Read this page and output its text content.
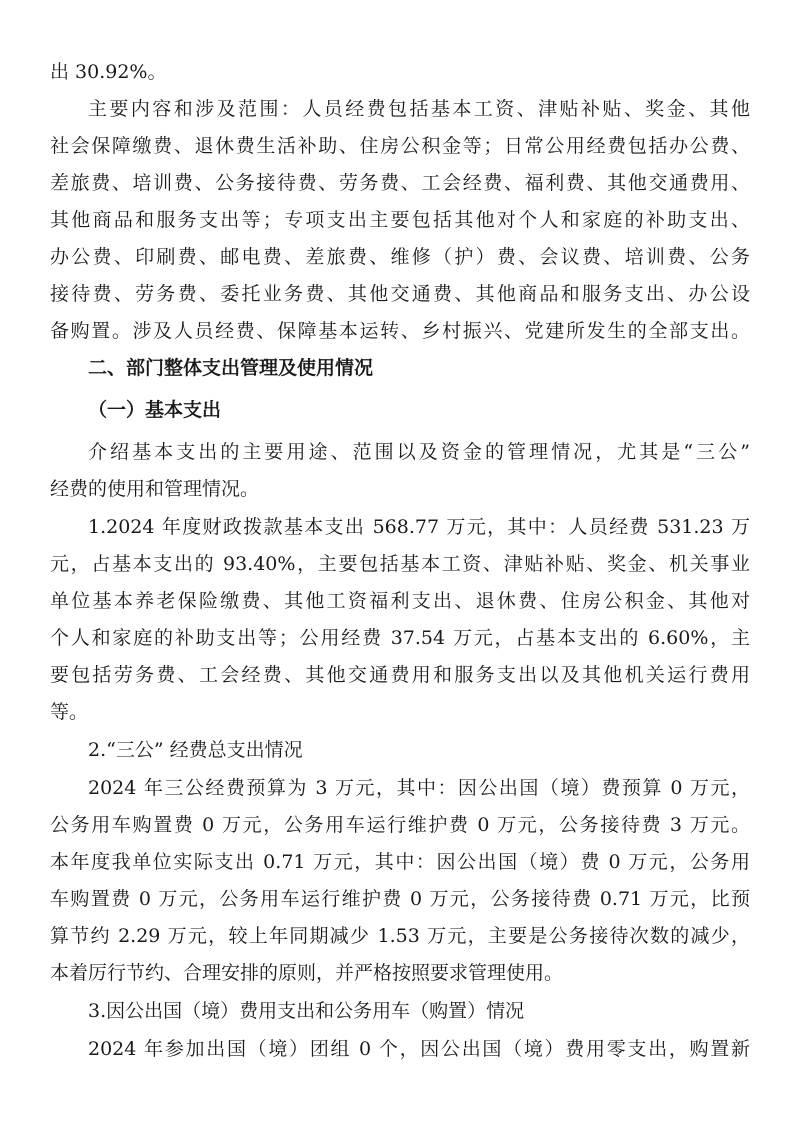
出 30.92%。
主要内容和涉及范围：人员经费包括基本工资、津贴补贴、奖金、其他
社会保障缴费、退休费生活补助、住房公积金等；日常公用经费包括办公费、
差旅费、培训费、公务接待费、劳务费、工会经费、福利费、其他交通费用、
其他商品和服务支出等；专项支出主要包括其他对个人和家庭的补助支出、
办公费、印刷费、邮电费、差旅费、维修（护）费、会议费、培训费、公务
接待费、劳务费、委托业务费、其他交通费、其他商品和服务支出、办公设
备购置。涉及人员经费、保障基本运转、乡村振兴、党建所发生的全部支出。
二、部门整体支出管理及使用情况
（一）基本支出
介绍基本支出的主要用途、范围以及资金的管理情况，尤其是“三公”
经费的使用和管理情况。
1.2024 年度财政拨款基本支出 568.77 万元，其中：人员经费 531.23 万
元，占基本支出的 93.40%，主要包括基本工资、津贴补贴、奖金、机关事业
单位基本养老保险缴费、其他工资福利支出、退休费、住房公积金、其他对
个人和家庭的补助支出等；公用经费 37.54 万元，占基本支出的 6.60%，主
要包括劳务费、工会经费、其他交通费用和服务支出以及其他机关运行费用
等。
2.“三公” 经费总支出情况
2024 年三公经费预算为 3 万元，其中：因公出国（境）费预算 0 万元，
公务用车购置费 0 万元，公务用车运行维护费 0 万元，公务接待费 3 万元。
本年度我单位实际支出 0.71 万元，其中：因公出国（境）费 0 万元，公务用
车购置费 0 万元，公务用车运行维护费 0 万元，公务接待费 0.71 万元，比预
算节约 2.29 万元，较上年同期减少 1.53 万元，主要是公务接待次数的减少，
本着厉行节约、合理安排的原则，并严格按照要求管理使用。
3.因公出国（境）费用支出和公务用车（购置）情况
2024 年参加出国（境）团组 0 个，因公出国（境）费用零支出，购置新
